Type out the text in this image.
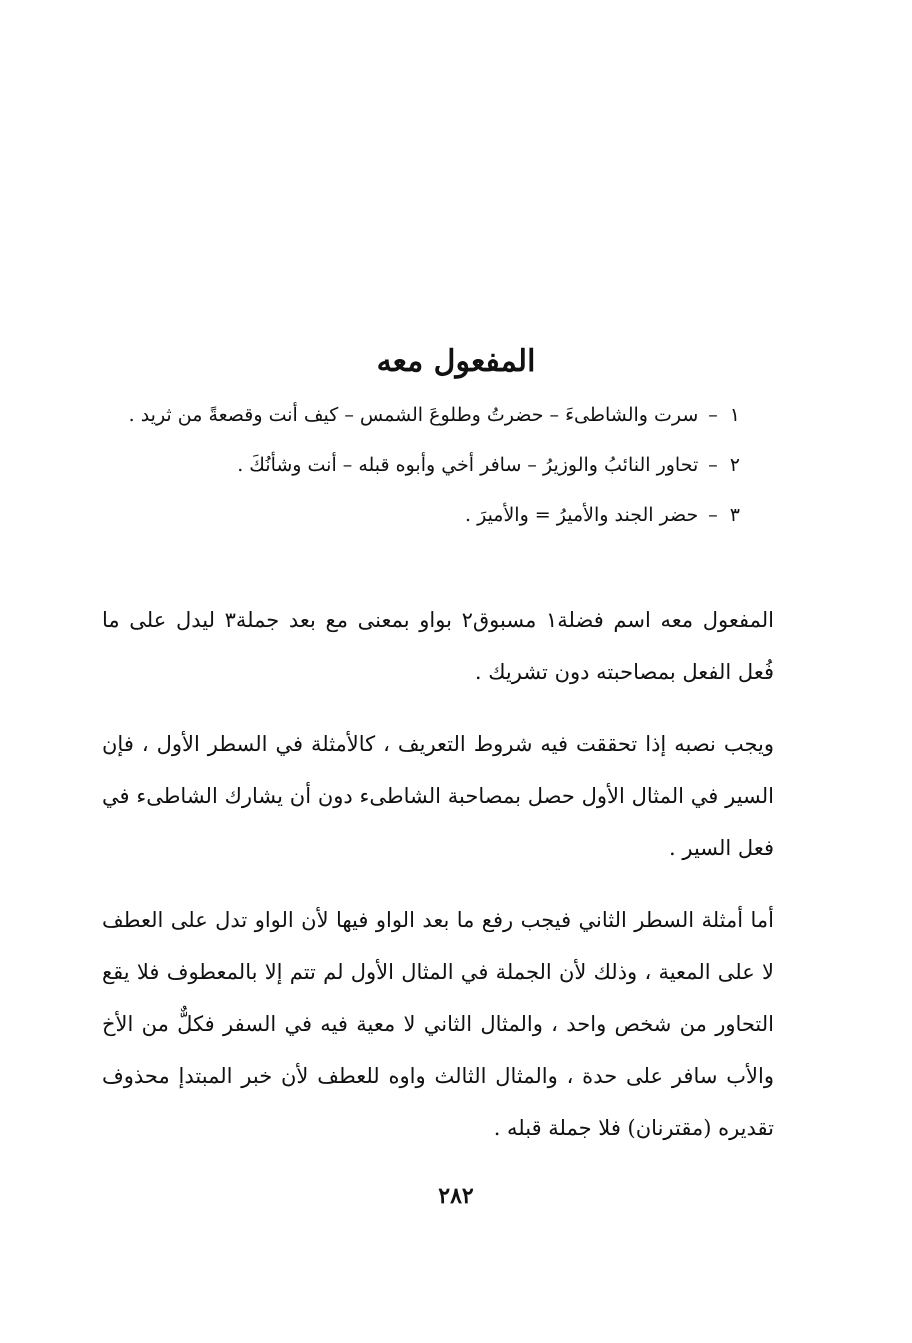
المفعول معه
١–سرت والشاطىءَ – حضرتُ وطلوعَ الشمس – كيف أنت وقصعةً من ثريد .
٢–تحاور النائبُ والوزيرُ – سافر أخي وأبوه قبله – أنت وشأنُكَ .
٣–حضر الجند والأميرُ = والأميرَ .

المفعول معه اسم فضلة١ مسبوق٢ بواو بمعنى مع بعد جملة٣ ليدل على ما فُعل الفعل بمصاحبته دون تشريك .

ويجب نصبه إذا تحققت فيه شروط التعريف ، كالأمثلة في السطر الأول ، فإن السير في المثال الأول حصل بمصاحبة الشاطىء دون أن يشارك الشاطىء في فعل السير .

أما أمثلة السطر الثاني فيجب رفع ما بعد الواو فيها لأن الواو تدل على العطف لا على المعية ، وذلك لأن الجملة في المثال الأول لم تتم إلا بالمعطوف فلا يقع التحاور من شخص واحد ، والمثال الثاني لا معية فيه في السفر فكلٌّ من الأخ والأب سافر على حدة ، والمثال الثالث واوه للعطف لأن خبر المبتدإ محذوف تقديره (مقترنان) فلا جملة قبله .

٢٨٢
